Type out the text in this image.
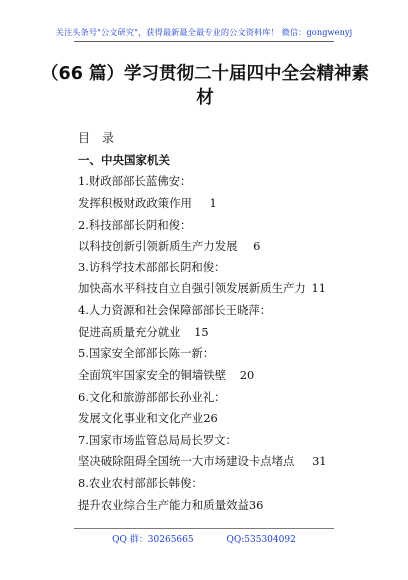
关注头条号"公文研究"，获得最新最全最专业的公文资料库！ 微信：gongwenyj
（66 篇）学习贯彻二十届四中全会精神素材
目录
一、中央国家机关
1.财政部部长蓝佛安：
发挥积极财政政策作用 1
2.科技部部长阴和俊：
以科技创新引领新质生产力发展 6
3.访科学技术部部长阴和俊：
加快高水平科技自立自强引领发展新质生产力 11
4.人力资源和社会保障部部长王晓萍：
促进高质量充分就业 15
5.国家安全部部长陈一新：
全面筑牢国家安全的铜墙铁壁 20
6.文化和旅游部部长孙业礼：
发展文化事业和文化产业26
7.国家市场监管总局局长罗文：
坚决破除阻碍全国统一大市场建设卡点堵点 31
8.农业农村部部长韩俊：
提升农业综合生产能力和质量效益36
QQ 群：30265665	QQ:535304092
